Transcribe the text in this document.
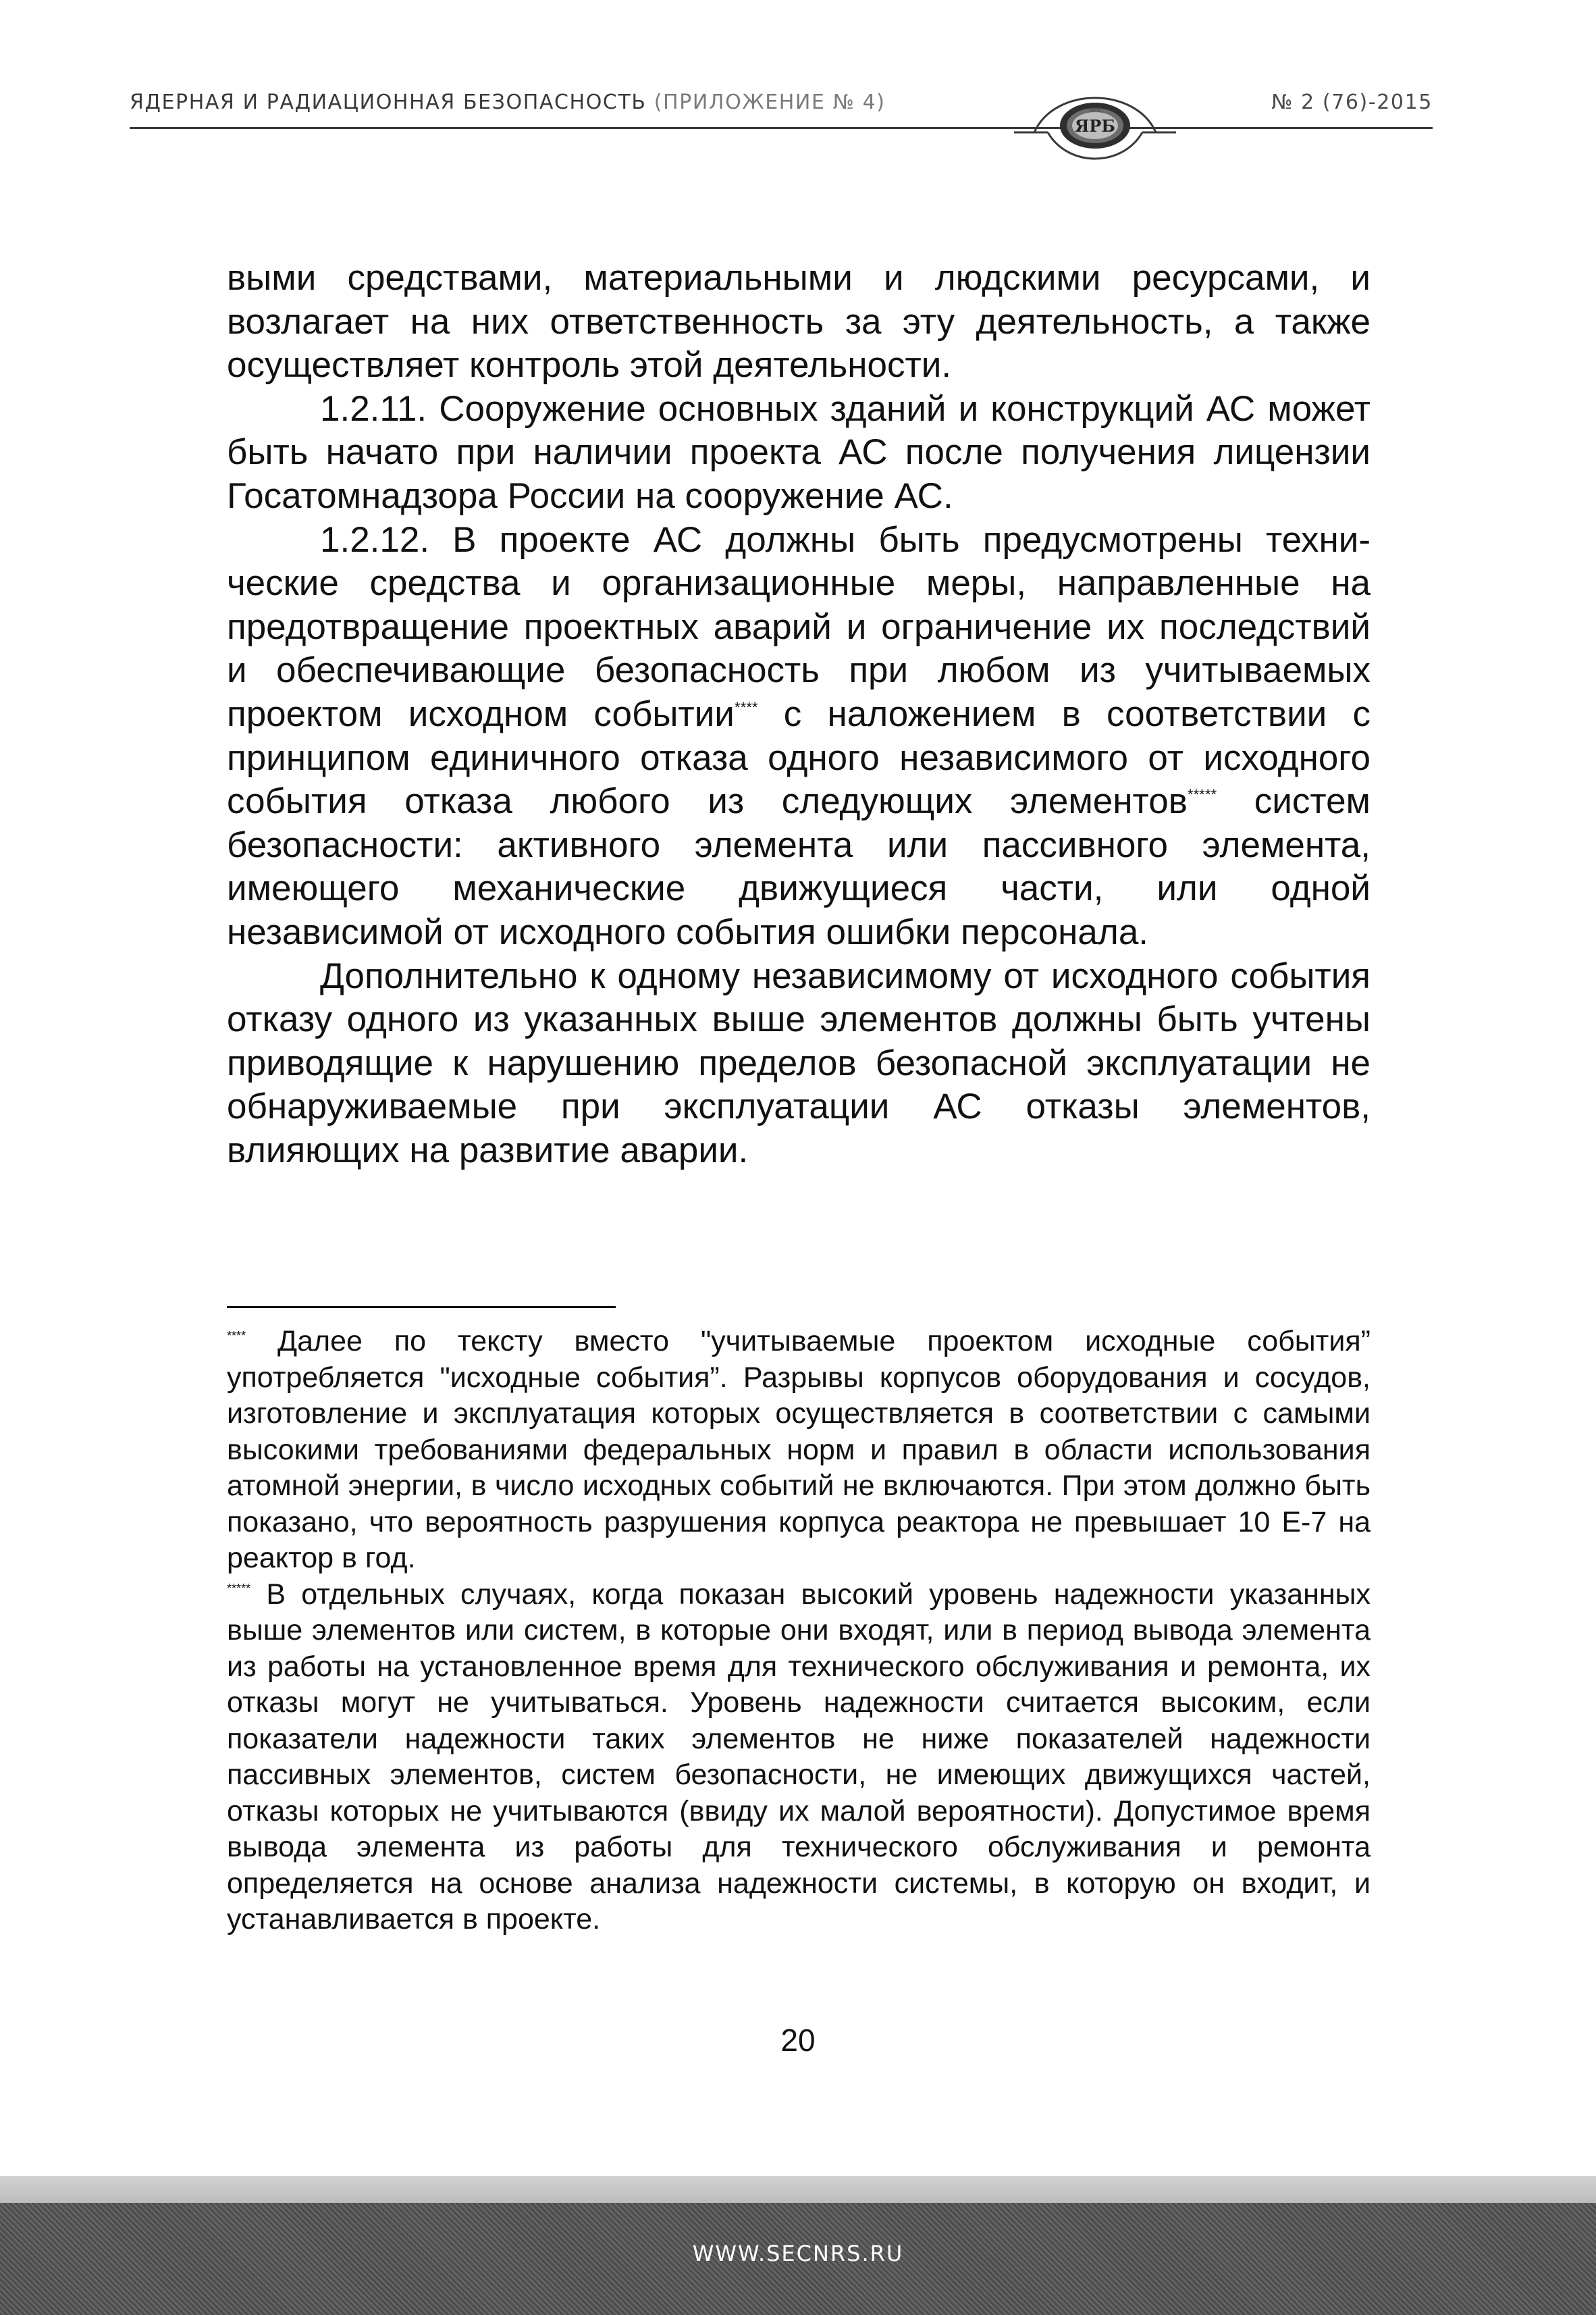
ЯДЕРНАЯ И РАДИАЦИОННАЯ БЕЗОПАСНОСТЬ (ПРИЛОЖЕНИЕ № 4)
ЯРБ
ЯРБ	№ 2 (76)-2015

выми средствами, материальными и людскими ресурсами, и возлагает на них ответственность за эту деятельность, а также осуществляет контроль этой деятельности.

1.2.11. Сооружение основных зданий и конструкций АС может быть начато при наличии проекта АС после получения лицензии Госатомнадзора России на сооружение АС.

1.2.12. В проекте АС должны быть предусмотрены технические средства и организационные меры, направленные на предотвращение проектных аварий и ограничение их последствий и обеспечивающие безопасность при любом из учитываемых проектом исходном событии**** с наложением в соответствии с принципом единичного отказа одного независимого от исходного события отказа любого из следующих элементов***** систем безопасности: активного элемента или пассивного элемента, имеющего механические движущиеся части, или одной независимой от исходного события ошибки персонала.

Дополнительно к одному независимому от исходного события отказу одного из указанных выше элементов должны быть учтены приводящие к нарушению пределов безопасной эксплуатации не обнаруживаемые при эксплуатации АС отказы элементов, влияющих на развитие аварии.

**** Далее по тексту вместо "учитываемые проектом исходные события” употребляется "исходные события”. Разрывы корпусов оборудования и сосудов, изготовление и эксплуатация которых осуществляется в соответствии с самыми высокими требованиями федеральных норм и правил в области использования атомной энергии, в число исходных событий не включаются. При этом должно быть показано, что вероятность разрушения корпуса реактора не превышает 10 Е-7 на реактор в год.

***** В отдельных случаях, когда показан высокий уровень надежности указанных выше элементов или систем, в которые они входят, или в период вывода элемента из работы на установленное время для технического обслуживания и ремонта, их отказы могут не учитываться. Уровень надежности считается высоким, если показатели надежности таких элементов не ниже показателей надежности пассивных элементов, систем безопасности, не имеющих движущихся частей, отказы которых не учитываются (ввиду их малой вероятности). Допустимое время вывода элемента из работы для технического обслуживания и ремонта определяется на основе анализа надежности системы, в которую он входит, и устанавливается в проекте.

20
WWW.SECNRS.RU
